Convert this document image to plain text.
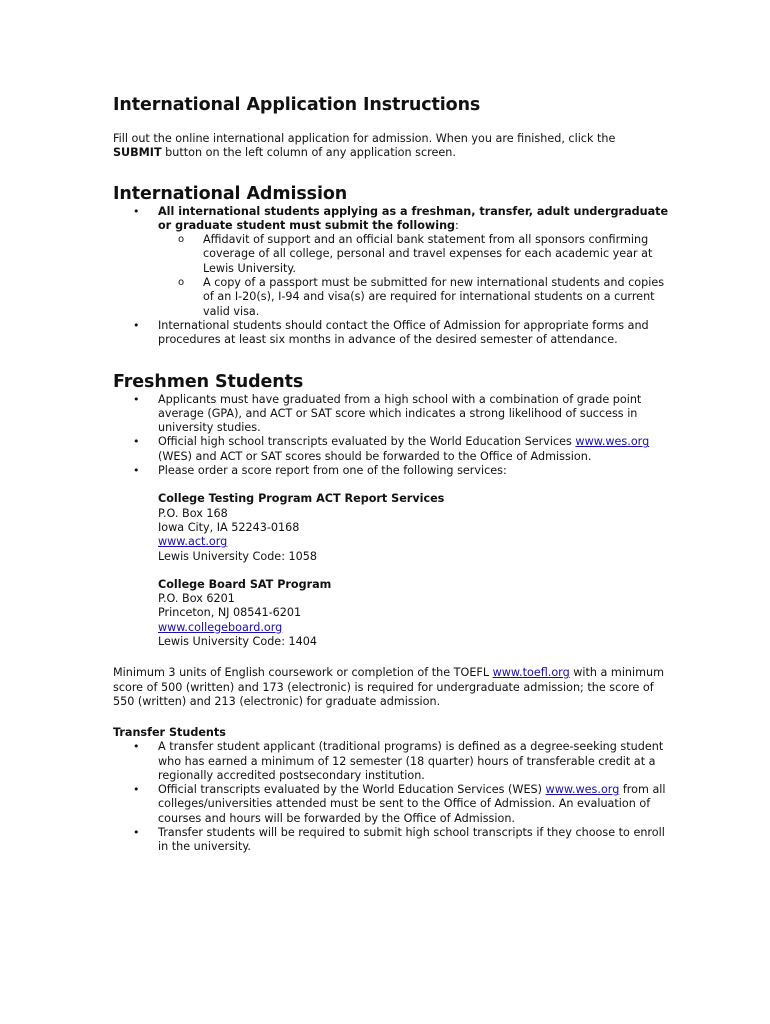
International Application Instructions

Fill out the online international application for admission. When you are finished, click the
SUBMIT button on the left column of any application screen.

International Admission
• All international students applying as a freshman, transfer, adult undergraduate or graduate student must submit the following:
o Affidavit of support and an official bank statement from all sponsors confirming coverage of all college, personal and travel expenses for each academic year at Lewis University.
o A copy of a passport must be submitted for new international students and copies of an I-20(s), I-94 and visa(s) are required for international students on a current valid visa.
• International students should contact the Office of Admission for appropriate forms and procedures at least six months in advance of the desired semester of attendance.
Freshmen Students
• Applicants must have graduated from a high school with a combination of grade point average (GPA), and ACT or SAT score which indicates a strong likelihood of success in university studies.
• Official high school transcripts evaluated by the World Education Services www.wes.org (WES) and ACT or SAT scores should be forwarded to the Office of Admission.
• Please order a score report from one of the following services:
College Testing Program ACT Report Services
P.O. Box 168
Iowa City, IA 52243-0168
www.act.org
Lewis University Code: 1058
College Board SAT Program
P.O. Box 6201
Princeton, NJ 08541-6201
www.collegeboard.org
Lewis University Code: 1404

Minimum 3 units of English coursework or completion of the TOEFL www.toefl.org with a minimum score of 500 (written) and 173 (electronic) is required for undergraduate admission; the score of 550 (written) and 213 (electronic) for graduate admission.

Transfer Students
• A transfer student applicant (traditional programs) is defined as a degree-seeking student who has earned a minimum of 12 semester (18 quarter) hours of transferable credit at a regionally accredited postsecondary institution.
• Official transcripts evaluated by the World Education Services (WES) www.wes.org from all colleges/universities attended must be sent to the Office of Admission. An evaluation of courses and hours will be forwarded by the Office of Admission.
• Transfer students will be required to submit high school transcripts if they choose to enroll in the university.
